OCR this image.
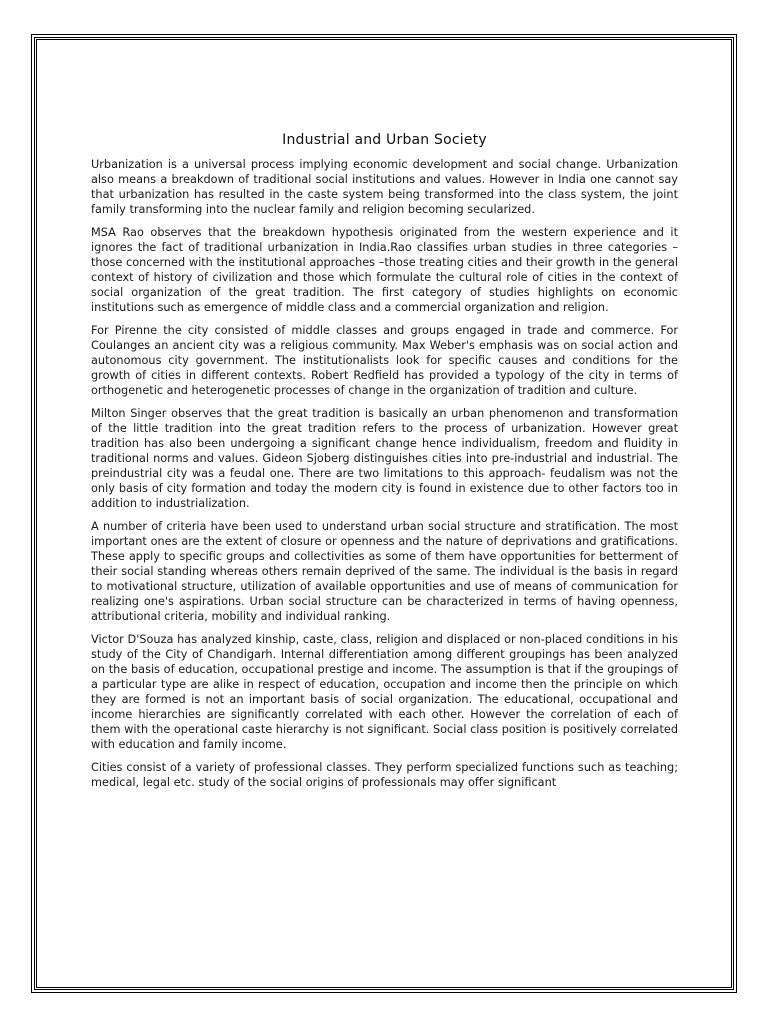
Industrial and Urban Society

Urbanization is a universal process implying economic development and social change. Urbanization also means a breakdown of traditional social institutions and values. However in India one cannot say that urbanization has resulted in the caste system being transformed into the class system, the joint family transforming into the nuclear family and religion becoming secularized.

MSA Rao observes that the breakdown hypothesis originated from the western experience and it ignores the fact of traditional urbanization in India.Rao classifies urban studies in three categories – those concerned with the institutional approaches –those treating cities and their growth in the general context of history of civilization and those which formulate the cultural role of cities in the context of social organization of the great tradition. The first category of studies highlights on economic institutions such as emergence of middle class and a commercial organization and religion.

For Pirenne the city consisted of middle classes and groups engaged in trade and commerce. For Coulanges an ancient city was a religious community. Max Weber's emphasis was on social action and autonomous city government. The institutionalists look for specific causes and conditions for the growth of cities in different contexts. Robert Redfield has provided a typology of the city in terms of orthogenetic and heterogenetic processes of change in the organization of tradition and culture.

Milton Singer observes that the great tradition is basically an urban phenomenon and transformation of the little tradition into the great tradition refers to the process of urbanization. However great tradition has also been undergoing a significant change hence individualism, freedom and fluidity in traditional norms and values. Gideon Sjoberg distinguishes cities into pre-industrial and industrial. The preindustrial city was a feudal one. There are two limitations to this approach- feudalism was not the only basis of city formation and today the modern city is found in existence due to other factors too in addition to industrialization.

A number of criteria have been used to understand urban social structure and stratification. The most important ones are the extent of closure or openness and the nature of deprivations and gratifications. These apply to specific groups and collectivities as some of them have opportunities for betterment of their social standing whereas others remain deprived of the same. The individual is the basis in regard to motivational structure, utilization of available opportunities and use of means of communication for realizing one's aspirations. Urban social structure can be characterized in terms of having openness, attributional criteria, mobility and individual ranking.

Victor D'Souza has analyzed kinship, caste, class, religion and displaced or non-placed conditions in his study of the City of Chandigarh. Internal differentiation among different groupings has been analyzed on the basis of education, occupational prestige and income. The assumption is that if the groupings of a particular type are alike in respect of education, occupation and income then the principle on which they are formed is not an important basis of social organization. The educational, occupational and income hierarchies are significantly correlated with each other. However the correlation of each of them with the operational caste hierarchy is not significant. Social class position is positively correlated with education and family income.

Cities consist of a variety of professional classes. They perform specialized functions such as teaching; medical, legal etc. study of the social origins of professionals may offer significant
